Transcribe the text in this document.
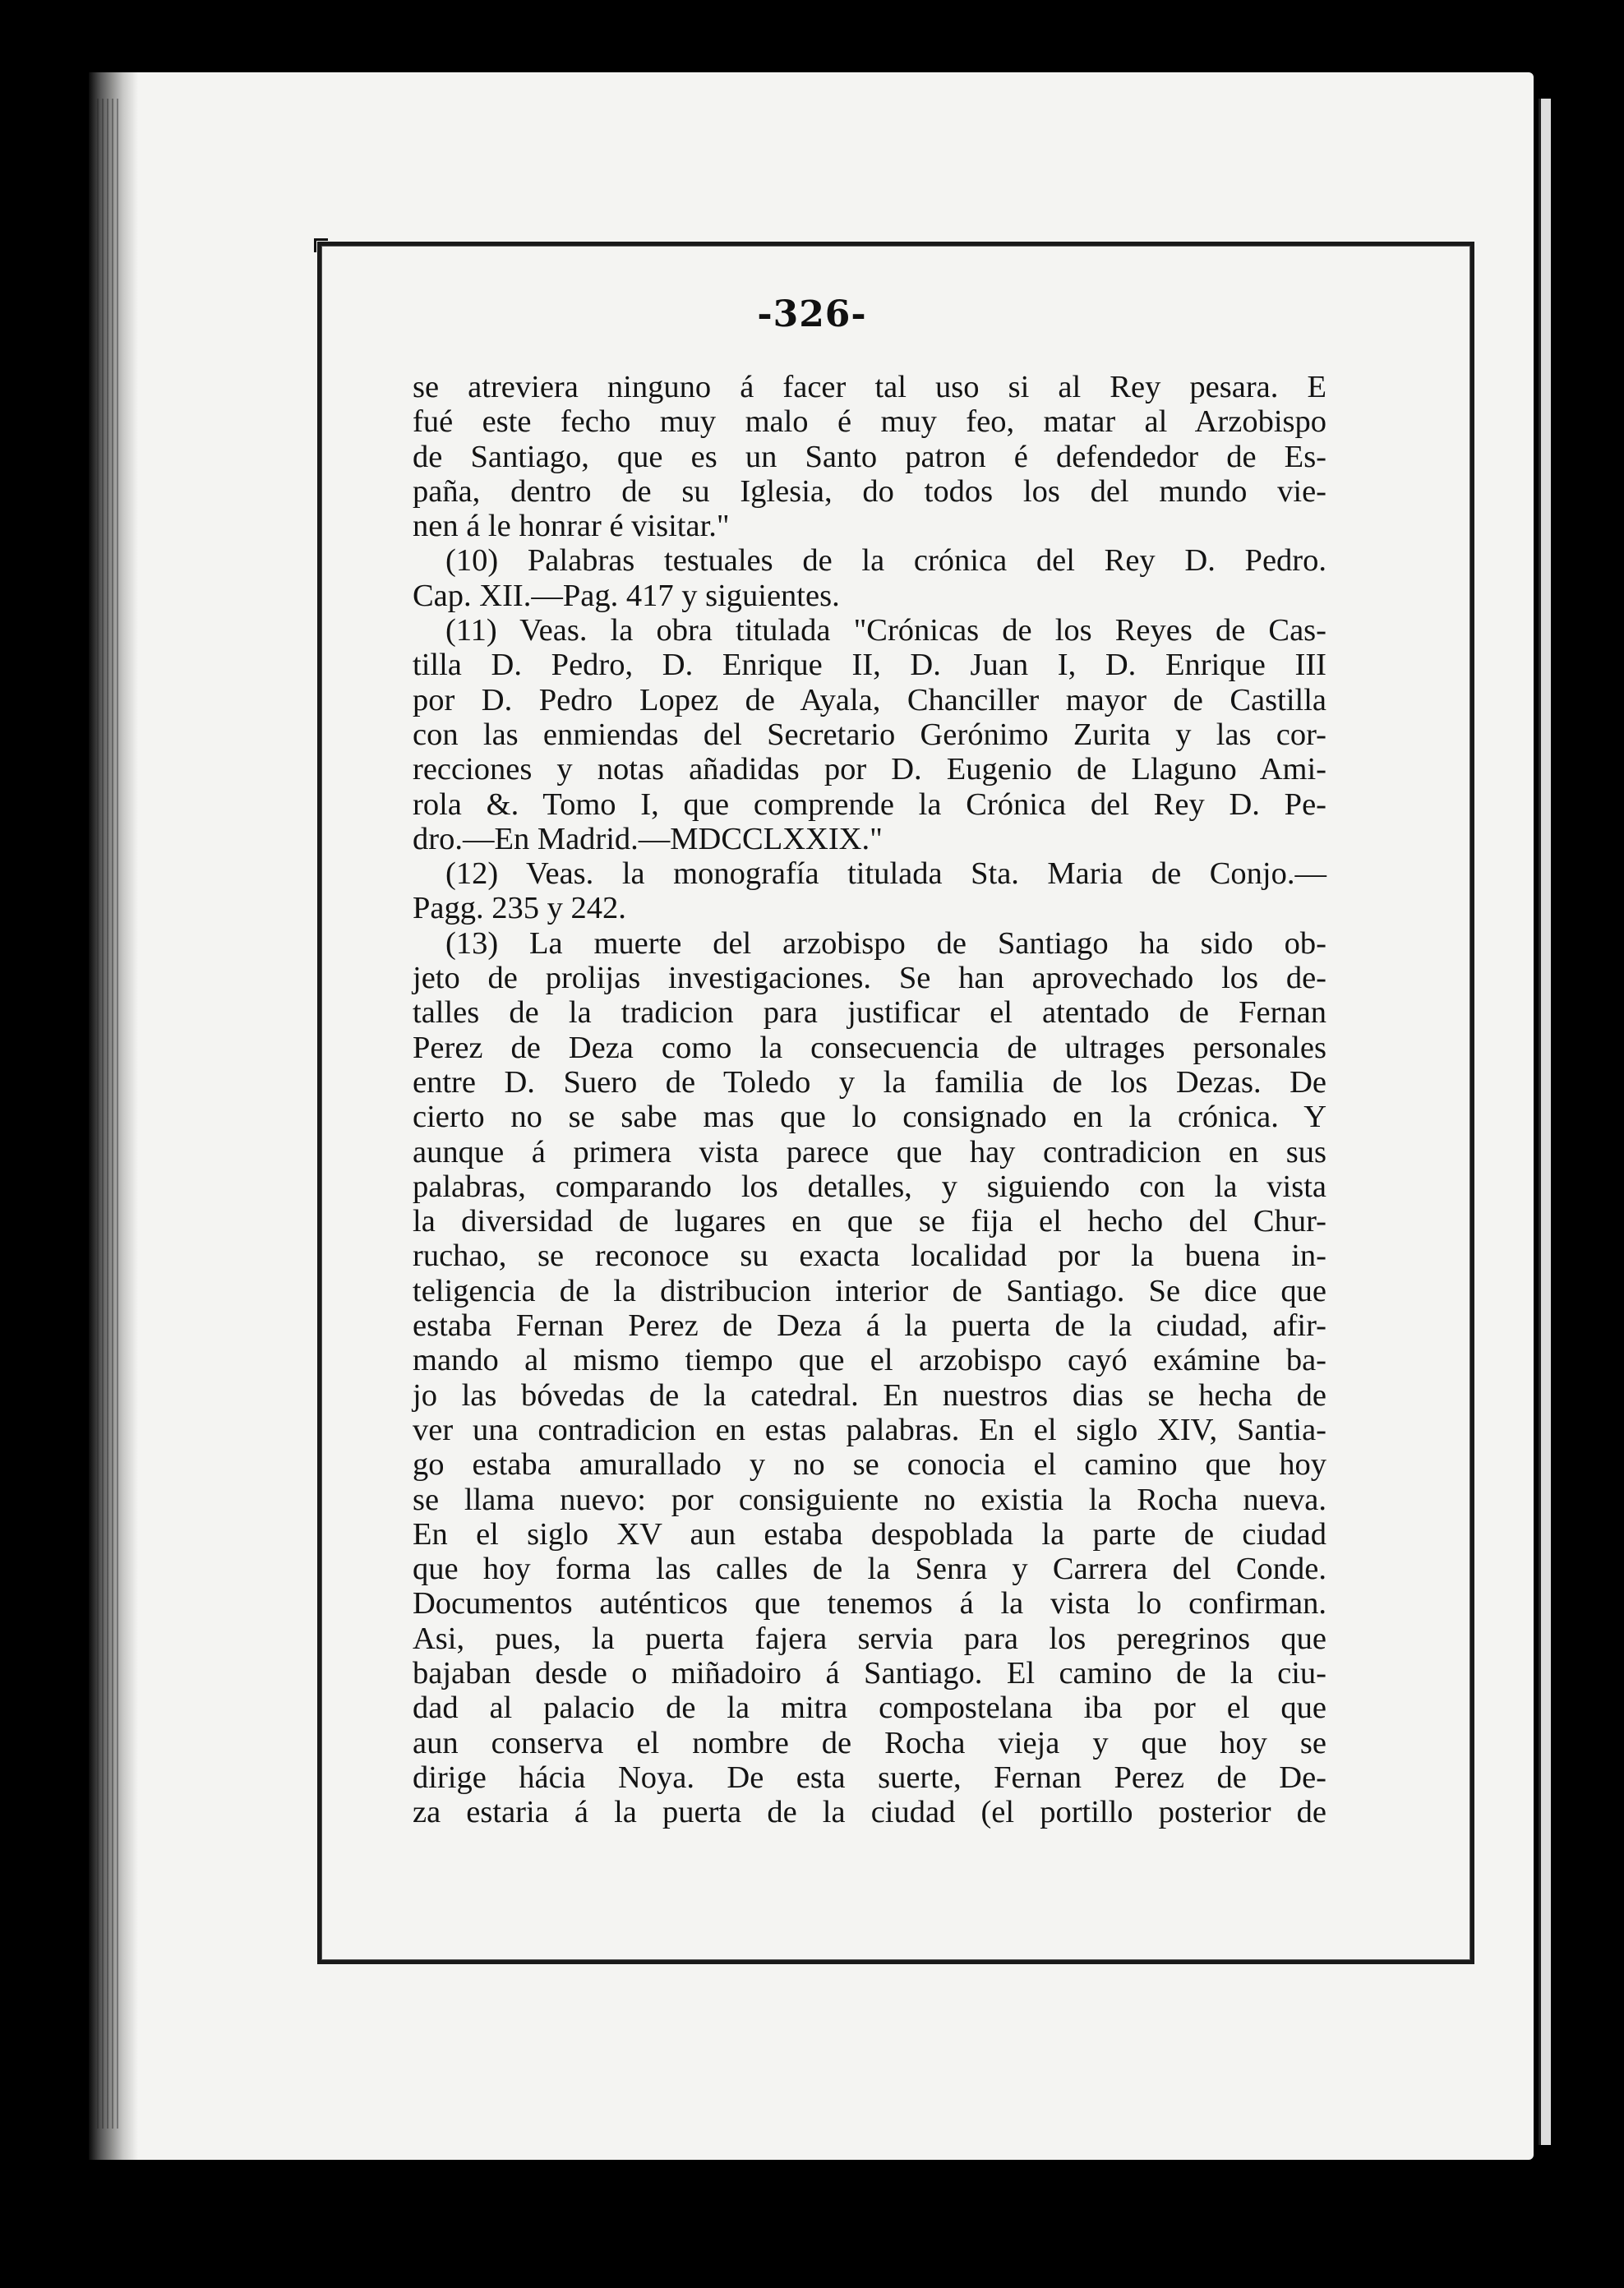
-326-
se atreviera ninguno á facer tal uso si al Rey pesara. E
fué este fecho muy malo é muy feo, matar al Arzobispo
de Santiago, que es un Santo patron é defendedor de Es-
paña, dentro de su Iglesia, do todos los del mundo vie-
nen á le honrar é visitar."
(10) Palabras testuales de la crónica del Rey D. Pedro.
Cap. XII.—Pag. 417 y siguientes.
(11) Veas. la obra titulada "Crónicas de los Reyes de Cas-
tilla D. Pedro, D. Enrique II, D. Juan I, D. Enrique III
por D. Pedro Lopez de Ayala, Chanciller mayor de Castilla
con las enmiendas del Secretario Gerónimo Zurita y las cor-
recciones y notas añadidas por D. Eugenio de Llaguno Ami-
rola &. Tomo I, que comprende la Crónica del Rey D. Pe-
dro.—En Madrid.—MDCCLXXIX."
(12) Veas. la monografía titulada Sta. Maria de Conjo.—
Pagg. 235 y 242.
(13) La muerte del arzobispo de Santiago ha sido ob-
jeto de prolijas investigaciones. Se han aprovechado los de-
talles de la tradicion para justificar el atentado de Fernan
Perez de Deza como la consecuencia de ultrages personales
entre D. Suero de Toledo y la familia de los Dezas. De
cierto no se sabe mas que lo consignado en la crónica. Y
aunque á primera vista parece que hay contradicion en sus
palabras, comparando los detalles, y siguiendo con la vista
la diversidad de lugares en que se fija el hecho del Chur-
ruchao, se reconoce su exacta localidad por la buena in-
teligencia de la distribucion interior de Santiago. Se dice que
estaba Fernan Perez de Deza á la puerta de la ciudad, afir-
mando al mismo tiempo que el arzobispo cayó exámine ba-
jo las bóvedas de la catedral. En nuestros dias se hecha de
ver una contradicion en estas palabras. En el siglo XIV, Santia-
go estaba amurallado y no se conocia el camino que hoy
se llama nuevo: por consiguiente no existia la Rocha nueva.
En el siglo XV aun estaba despoblada la parte de ciudad
que hoy forma las calles de la Senra y Carrera del Conde.
Documentos auténticos que tenemos á la vista lo confirman.
Asi, pues, la puerta fajera servia para los peregrinos que
bajaban desde o miñadoiro á Santiago. El camino de la ciu-
dad al palacio de la mitra compostelana iba por el que
aun conserva el nombre de Rocha vieja y que hoy se
dirige hácia Noya. De esta suerte, Fernan Perez de De-
za estaria á la puerta de la ciudad (el portillo posterior de
